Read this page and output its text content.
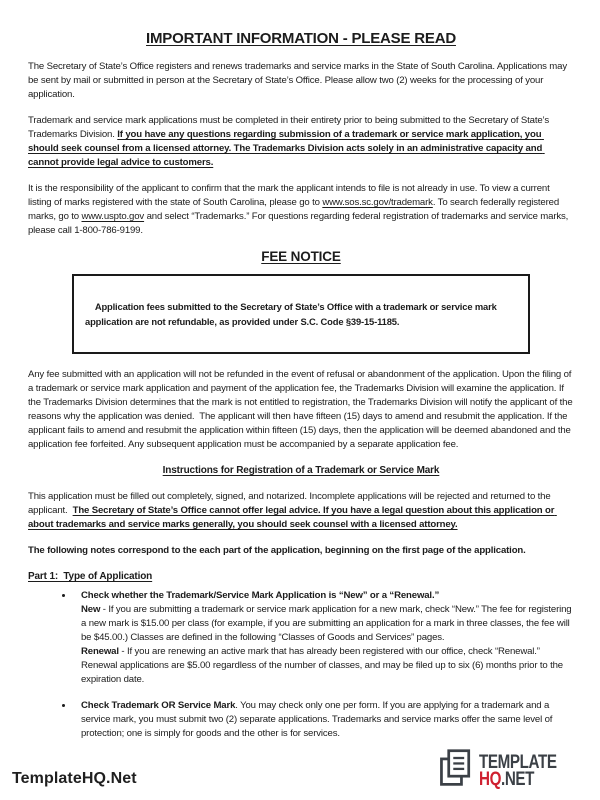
IMPORTANT INFORMATION - PLEASE READ

The Secretary of State’s Office registers and renews trademarks and service marks in the State of South Carolina. Applications may be sent by mail or submitted in person at the Secretary of State’s Office. Please allow two (2) weeks for the processing of your application.

Trademark and service mark applications must be completed in their entirety prior to being submitted to the Secretary of State’s Trademarks Division. If you have any questions regarding submission of a trademark or service mark application, you should seek counsel from a licensed attorney. The Trademarks Division acts solely in an administrative capacity and cannot provide legal advice to customers.

It is the responsibility of the applicant to confirm that the mark the applicant intends to file is not already in use. To view a current listing of marks registered with the state of South Carolina, please go to www.sos.sc.gov/trademark. To search federally registered marks, go to www.uspto.gov and select “Trademarks.” For questions regarding federal registration of trademarks and service marks, please call 1-800-786-9199.

FEE NOTICE

Application fees submitted to the Secretary of State’s Office with a trademark or service mark application are not refundable, as provided under S.C. Code §39-15-1185.

Any fee submitted with an application will not be refunded in the event of refusal or abandonment of the application. Upon the filing of a trademark or service mark application and payment of the application fee, the Trademarks Division will examine the application. If the Trademarks Division determines that the mark is not entitled to registration, the Trademarks Division will notify the applicant of the reasons why the application was denied.  The applicant will then have fifteen (15) days to amend and resubmit the application. If the applicant fails to amend and resubmit the application within fifteen (15) days, then the application will be deemed abandoned and the application fee forfeited. Any subsequent application must be accompanied by a separate application fee.

Instructions for Registration of a Trademark or Service Mark

This application must be filled out completely, signed, and notarized. Incomplete applications will be rejected and returned to the applicant.  The Secretary of State’s Office cannot offer legal advice. If you have a legal question about this application or about trademarks and service marks generally, you should seek counsel with a licensed attorney.

The following notes correspond to the each part of the application, beginning on the first page of the application.

Part 1:  Type of Application
• Check whether the Trademark/Service Mark Application is “New” or a “Renewal.”
New - If you are submitting a trademark or service mark application for a new mark, check “New.” The fee for registering a new mark is $15.00 per class (for example, if you are submitting an application for a mark in three classes, the fee will be $45.00.) Classes are defined in the following “Classes of Goods and Services” pages.
Renewal - If you are renewing an active mark that has already been registered with our office, check “Renewal.” Renewal applications are $5.00 regardless of the number of classes, and may be filed up to six (6) months prior to the expiration date.
• Check Trademark OR Service Mark. You may check only one per form. If you are applying for a trademark and a service mark, you must submit two (2) separate applications. Trademarks and service marks offer the same level of protection; one is simply for goods and the other is for services.
TemplateHQ.Net
TEMPLATE
HQ.NET
